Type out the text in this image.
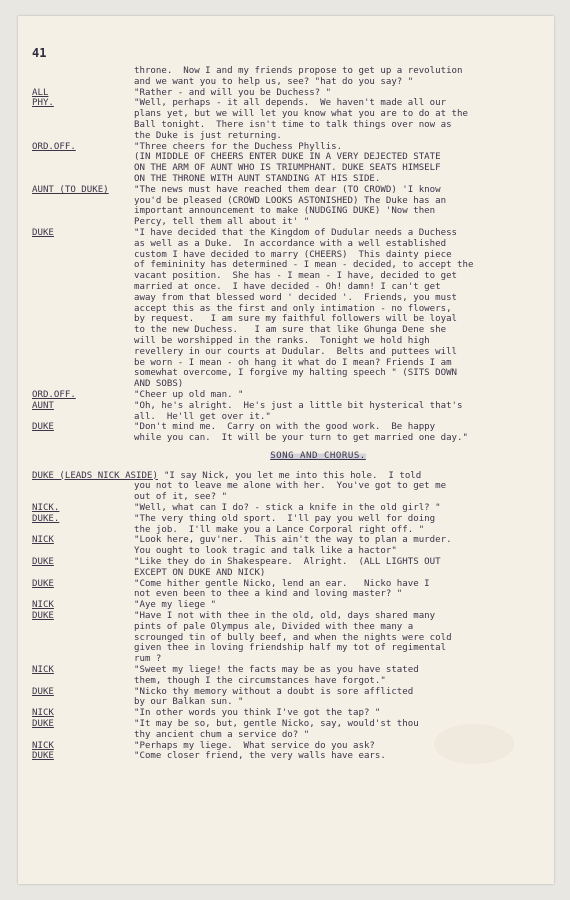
41
throne.  Now I and my friends propose to get up a revolution
and we want you to help us, see? "hat do you say? "
ALL	"Rather - and will you be Duchess? "
PHY.	"Well, perhaps - it all depends.  We haven't made all our
plans yet, but we will let you know what you are to do at the
Ball tonight.  There isn't time to talk things over now as
the Duke is just returning.
ORD.OFF.	"Three cheers for the Duchess Phyllis.
(IN MIDDLE OF CHEERS ENTER DUKE IN A VERY DEJECTED STATE
ON THE ARM OF AUNT WHO IS TRIUMPHANT. DUKE SEATS HIMSELF
ON THE THRONE WITH AUNT STANDING AT HIS SIDE.
AUNT (TO DUKE)	"The news must have reached them dear (TO CROWD) 'I know
you'd be pleased (CROWD LOOKS ASTONISHED) The Duke has an
important announcement to make (NUDGING DUKE) 'Now then
Percy, tell them all about it' "
DUKE	"I have decided that the Kingdom of Dudular needs a Duchess
as well as a Duke.  In accordance with a well established
custom I have decided to marry (CHEERS)  This dainty piece
of femininity has determined - I mean - decided, to accept the
vacant position.  She has - I mean - I have, decided to get
married at once.  I have decided - Oh! damn! I can't get
away from that blessed word ' decided '.  Friends, you must
accept this as the first and only intimation - no flowers,
by request.   I am sure my faithful followers will be loyal
to the new Duchess.   I am sure that like Ghunga Dene she
will be worshipped in the ranks.  Tonight we hold high
revellery in our courts at Dudular.  Belts and puttees will
be worn - I mean - oh hang it what do I mean? Friends I am
somewhat overcome, I forgive my halting speech " (SITS DOWN
AND SOBS)
ORD.OFF.	"Cheer up old man. "
AUNT	"Oh, he's alright.  He's just a little bit hysterical that's
all.  He'll get over it."
DUKE	"Don't mind me.  Carry on with the good work.  Be happy
while you can.  It will be your turn to get married one day."
SONG AND CHORUS.
DUKE (LEADS NICK ASIDE) "I say Nick, you let me into this hole.  I told
you not to leave me alone with her.  You've got to get me
out of it, see? "
NICK.	"Well, what can I do? - stick a knife in the old girl? "
DUKE.	"The very thing old sport.  I'll pay you well for doing
the job.  I'll make you a Lance Corporal right off. "
NICK	"Look here, guv'ner.  This ain't the way to plan a murder.
You ought to look tragic and talk like a hactor"
DUKE	"Like they do in Shakespeare.  Alright.  (ALL LIGHTS OUT
EXCEPT ON DUKE AND NICK)
DUKE	"Come hither gentle Nicko, lend an ear.   Nicko have I
not even been to thee a kind and loving master? "
NICK	"Aye my liege "
DUKE	"Have I not with thee in the old, old, days shared many
pints of pale Olympus ale, Divided with thee many a
scrounged tin of bully beef, and when the nights were cold
given thee in loving friendship half my tot of regimental
rum ?
NICK	"Sweet my liege! the facts may be as you have stated
them, though I the circumstances have forgot."
DUKE	"Nicko thy memory without a doubt is sore afflicted
by our Balkan sun. "
NICK	"In other words you think I've got the tap? "
DUKE	"It may be so, but, gentle Nicko, say, would'st thou
thy ancient chum a service do? "
NICK	"Perhaps my liege.  What service do you ask?
DUKE	"Come closer friend, the very walls have ears.
